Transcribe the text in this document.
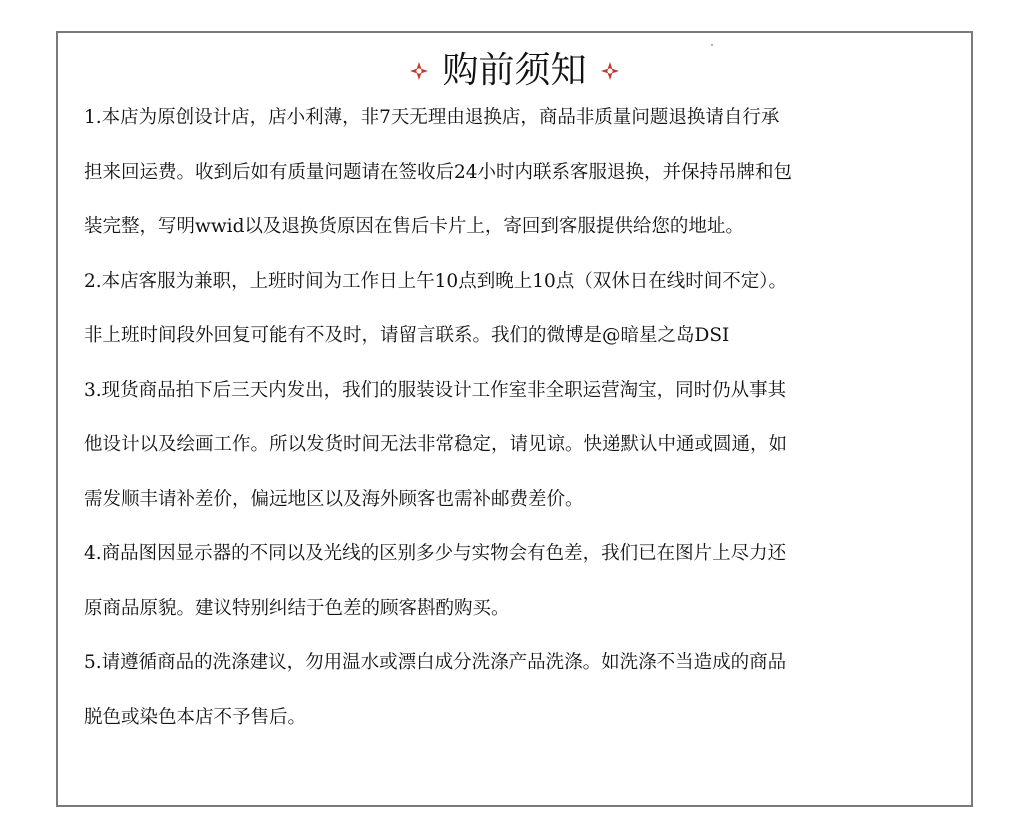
购前须知
1.本店为原创设计店，店小利薄，非7天无理由退换店，商品非质量问题退换请自行承
担来回运费。收到后如有质量问题请在签收后24小时内联系客服退换，并保持吊牌和包
装完整，写明wwid以及退换货原因在售后卡片上，寄回到客服提供给您的地址。
2.本店客服为兼职，上班时间为工作日上午10点到晚上10点（双休日在线时间不定）。
非上班时间段外回复可能有不及时，请留言联系。我们的微博是@暗星之岛DSI
3.现货商品拍下后三天内发出，我们的服装设计工作室非全职运营淘宝，同时仍从事其
他设计以及绘画工作。所以发货时间无法非常稳定，请见谅。快递默认中通或圆通，如
需发顺丰请补差价，偏远地区以及海外顾客也需补邮费差价。
4.商品图因显示器的不同以及光线的区别多少与实物会有色差，我们已在图片上尽力还
原商品原貌。建议特别纠结于色差的顾客斟酌购买。
5.请遵循商品的洗涤建议，勿用温水或漂白成分洗涤产品洗涤。如洗涤不当造成的商品
脱色或染色本店不予售后。
